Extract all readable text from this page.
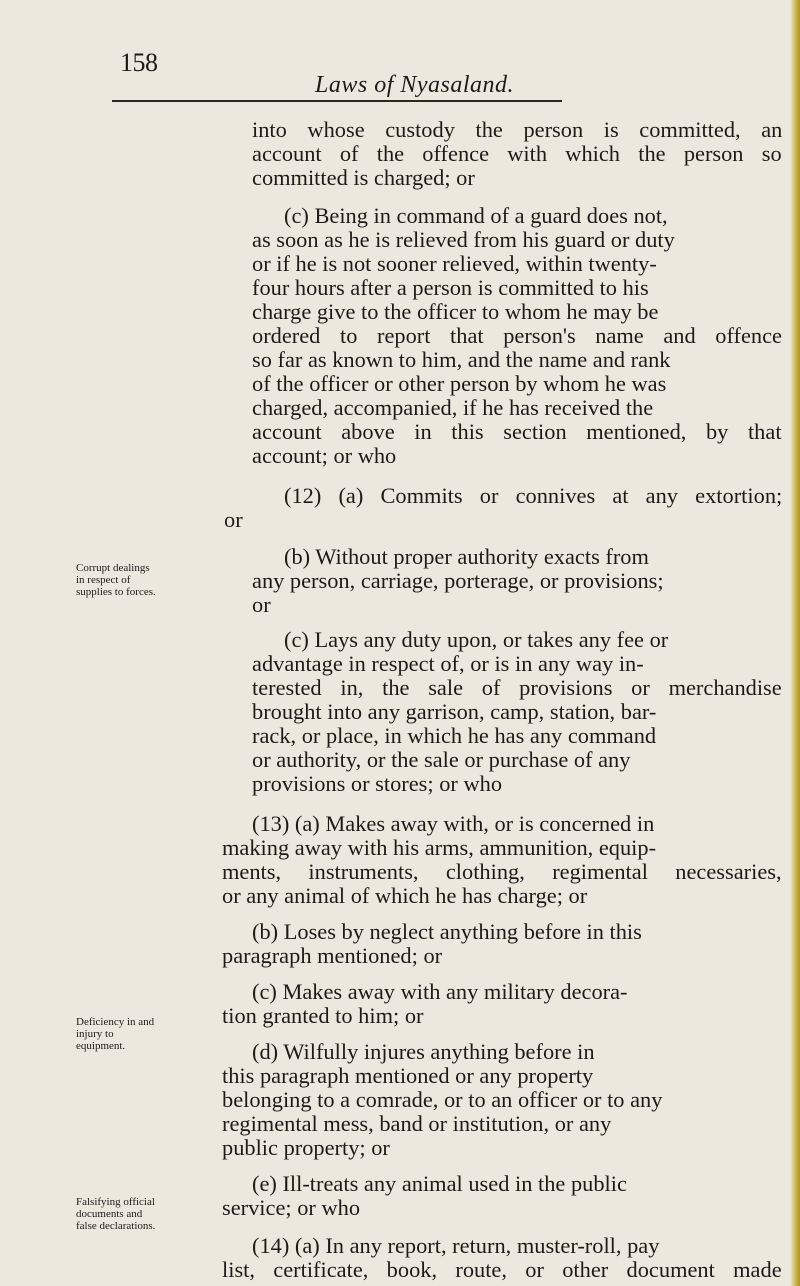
158
Laws of Nyasaland.
Corrupt dealings
in respect of
supplies to forces.
Deficiency in and
injury to
equipment.
Falsifying official
documents and
false declarations.
into whose custody the person is committed, an
account of the offence with which the person so
committed is charged; or
(c) Being in command of a guard does not,
as soon as he is relieved from his guard or duty
or if he is not sooner relieved, within twenty-
four hours after a person is committed to his
charge give to the officer to whom he may be
ordered to report that person's name and offence
so far as known to him, and the name and rank
of the officer or other person by whom he was
charged, accompanied, if he has received the
account above in this section mentioned, by that
account; or who
(12) (a) Commits or connives at any extortion;
or
(b) Without proper authority exacts from
any person, carriage, porterage, or provisions;
or
(c) Lays any duty upon, or takes any fee or
advantage in respect of, or is in any way in-
terested in, the sale of provisions or merchandise
brought into any garrison, camp, station, bar-
rack, or place, in which he has any command
or authority, or the sale or purchase of any
provisions or stores; or who
(13) (a) Makes away with, or is concerned in
making away with his arms, ammunition, equip-
ments, instruments, clothing, regimental necessaries,
or any animal of which he has charge; or
(b) Loses by neglect anything before in this
paragraph mentioned; or
(c) Makes away with any military decora-
tion granted to him; or
(d) Wilfully injures anything before in
this paragraph mentioned or any property
belonging to a comrade, or to an officer or to any
regimental mess, band or institution, or any
public property; or
(e) Ill-treats any animal used in the public
service; or who
(14) (a) In any report, return, muster-roll, pay
list, certificate, book, route, or other document made
